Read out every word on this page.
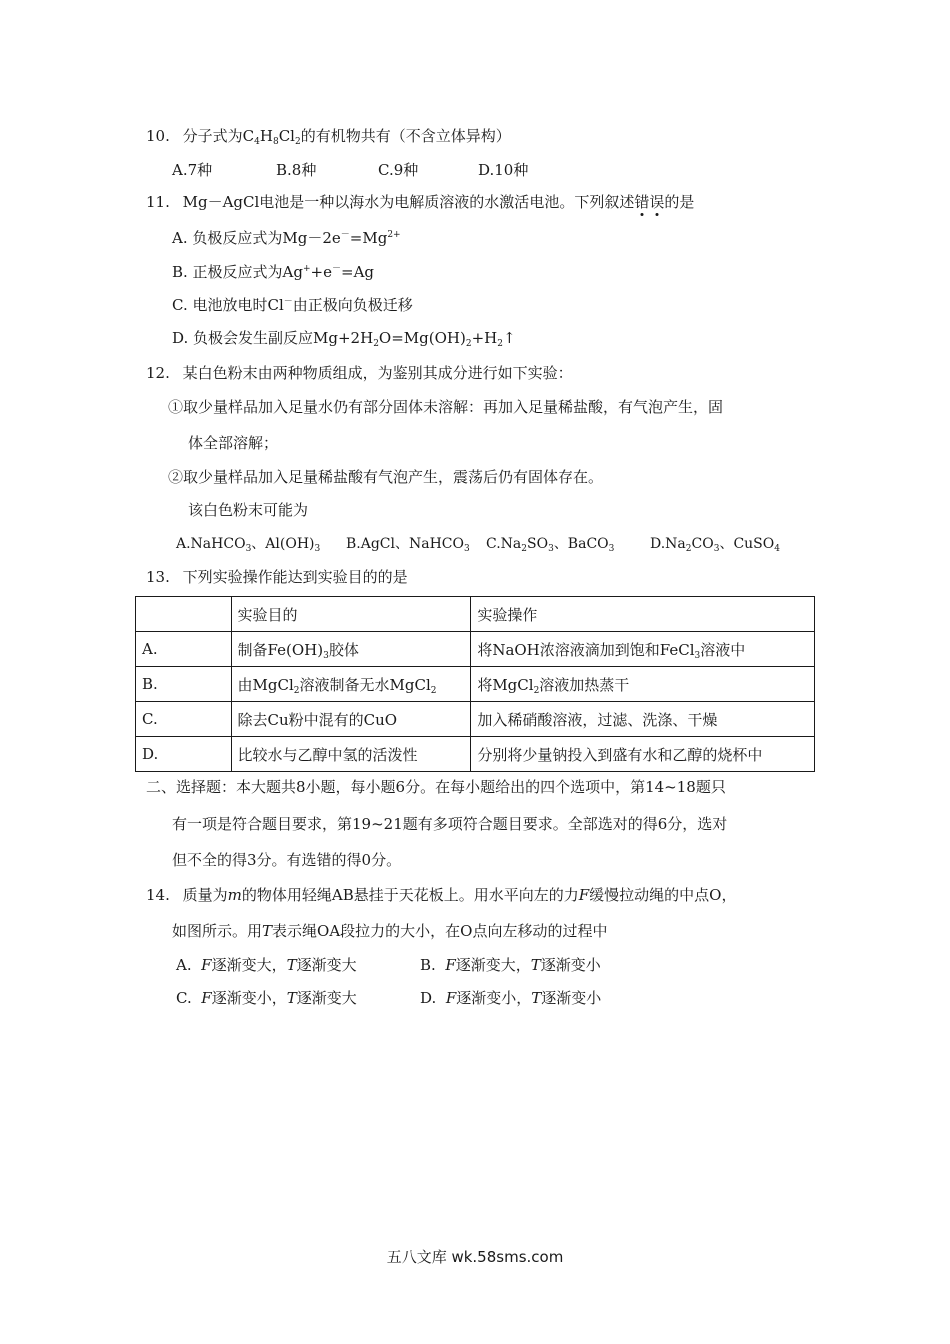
10. 分子式为$C_4H_8Cl_2$的有机物共有（不含立体异构）
A.7种	B.8种	C.9种	D.10种
11. Mg－AgCl电池是一种以海水为电解质溶液的水激活电池。下列叙述错误的是
A. 负极反应式为$Mg-2e^-=Mg^{2+}$
B. 正极反应式为Ag++e－=Ag
C. 电池放电时Cl－由正极向负极迁移
D. 负极会发生副反应$Mg+2H_2O=Mg(OH)_2+H_2↑$
12. 某白色粉末由两种物质组成，为鉴别其成分进行如下实验：
①取少量样品加入足量水仍有部分固体未溶解：再加入足量稀盐酸，有气泡产生，固
体全部溶解；
②取少量样品加入足量稀盐酸有气泡产生，震荡后仍有固体存在。
该白色粉末可能为
A.NaHCO$_3$、$Al(OH)_3$ B.AgCl、NaHCO$_3$ $C.Na_2SO_3$、BaCO$_3$	$D.Na_2CO_3$、CuSO$_4$
13. 下列实验操作能达到实验目的的是
	实验目的	实验操作
A.	制备$Fe(OH)_3$胶体	将NaOH浓溶液滴加到饱和FeCl$_3$溶液中
B.	由MgCl$_2$溶液制备无水MgCl$_2$	将MgCl$_2$溶液加热蒸干
C.	除去Cu粉中混有的CuO	加入稀硝酸溶液，过滤、洗涤、干燥
D.	比较水与乙醇中氢的活泼性	分别将少量钠投入到盛有水和乙醇的烧杯中
二、选择题：本大题共8小题，每小题6分。在每小题给出的四个选项中，第14~18题只
有一项是符合题目要求，第19~21题有多项符合题目要求。全部选对的得6分，选对
但不全的得3分。有选错的得0分。
14. 质量为m的物体用轻绳AB悬挂于天花板上。用水平向左的力F缓慢拉动绳的中点O，
如图所示。用T表示绳OA段拉力的大小，在O点向左移动的过程中
A. F逐渐变大，T逐渐变大	B. F逐渐变大，T逐渐变小
C. F逐渐变小，T逐渐变大	D. F逐渐变小，T逐渐变小
五八文库 wk.58sms.com
